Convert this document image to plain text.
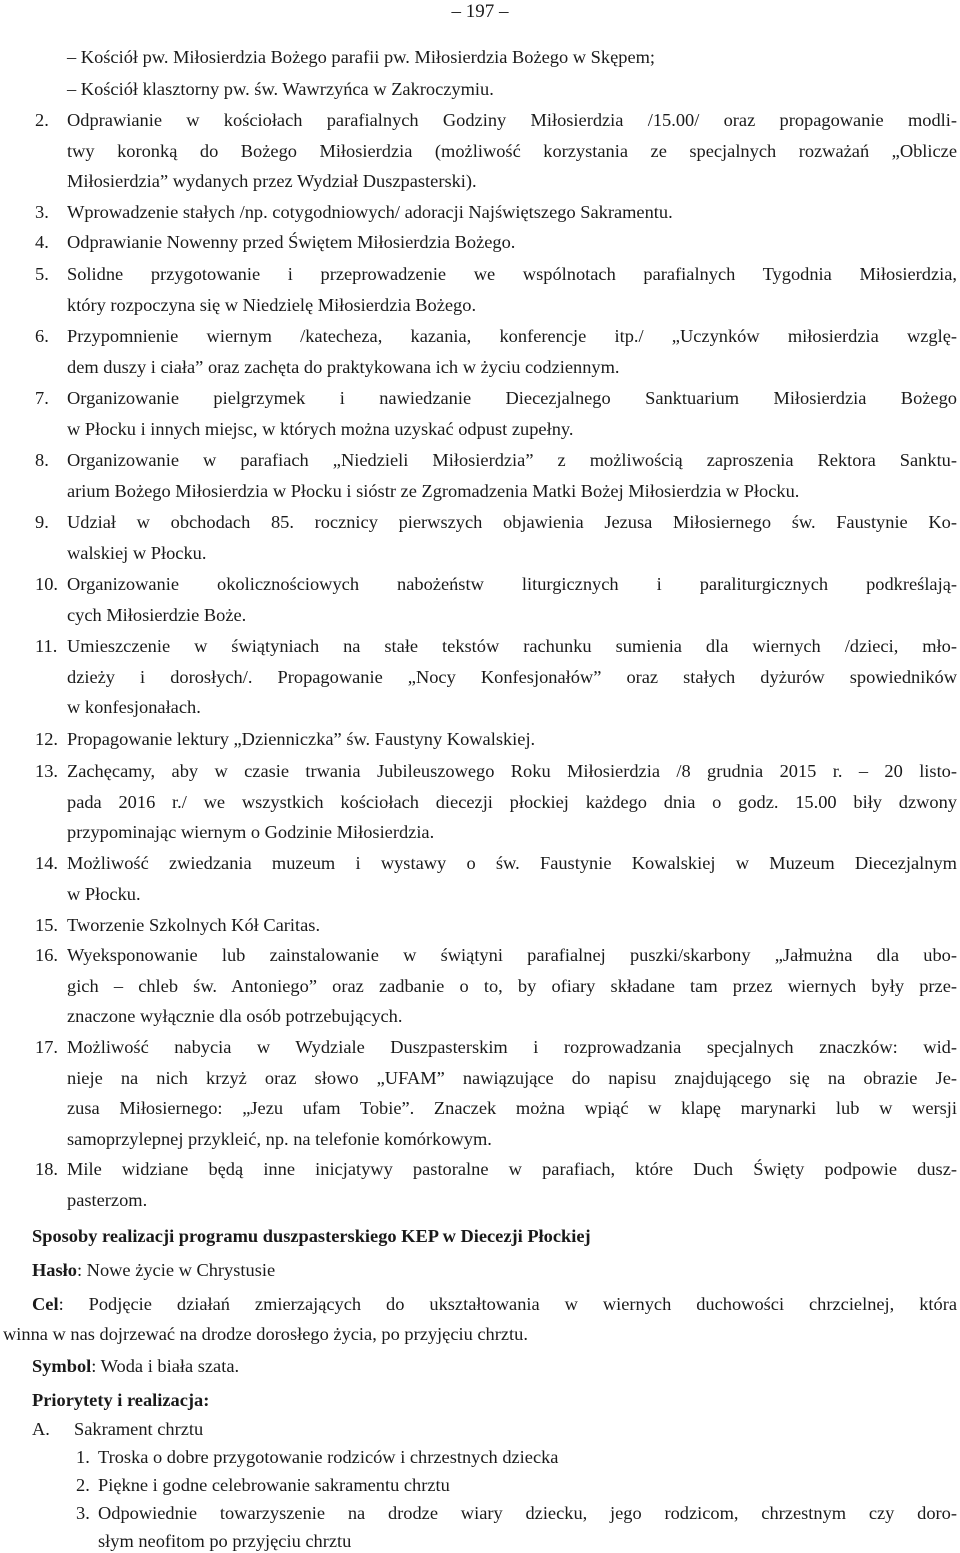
– 197 –
– Kościół pw. Miłosierdzia Bożego parafii pw. Miłosierdzia Bożego w Skępem;
– Kościół klasztorny pw. św. Wawrzyńca w Zakroczymiu.
2. Odprawianie w kościołach parafialnych Godziny Miłosierdzia /15.00/ oraz propagowanie modli-
twy koronką do Bożego Miłosierdzia (możliwość korzystania ze specjalnych rozważań „Oblicze
Miłosierdzia” wydanych przez Wydział Duszpasterski).
3. Wprowadzenie stałych /np. cotygodniowych/ adoracji Najświętszego Sakramentu.
4. Odprawianie Nowenny przed Świętem Miłosierdzia Bożego.
5. Solidne przygotowanie i przeprowadzenie we wspólnotach parafialnych Tygodnia Miłosierdzia,
który rozpoczyna się w Niedzielę Miłosierdzia Bożego.
6. Przypomnienie wiernym /katecheza, kazania, konferencje itp./ „Uczynków miłosierdzia wzglę-
dem duszy i ciała” oraz zachęta do praktykowana ich w życiu codziennym.
7. Organizowanie pielgrzymek i nawiedzanie Diecezjalnego Sanktuarium Miłosierdzia Bożego
w Płocku i innych miejsc, w których można uzyskać odpust zupełny.
8. Organizowanie w parafiach „Niedzieli Miłosierdzia” z możliwością zaproszenia Rektora Sanktu-
arium Bożego Miłosierdzia w Płocku i sióstr ze Zgromadzenia Matki Bożej Miłosierdzia w Płocku.
9. Udział w obchodach 85. rocznicy pierwszych objawienia Jezusa Miłosiernego św. Faustynie Ko-
walskiej w Płocku.
10. Organizowanie okolicznościowych nabożeństw liturgicznych i paraliturgicznych podkreślają-
cych Miłosierdzie Boże.
11. Umieszczenie w świątyniach na stałe tekstów rachunku sumienia dla wiernych /dzieci, mło-
dzieży i dorosłych/. Propagowanie „Nocy Konfesjonałów” oraz stałych dyżurów spowiedników
w konfesjonałach.
12. Propagowanie lektury „Dzienniczka” św. Faustyny Kowalskiej.
13. Zachęcamy, aby w czasie trwania Jubileuszowego Roku Miłosierdzia /8 grudnia 2015 r. – 20 listo-
pada 2016 r./ we wszystkich kościołach diecezji płockiej każdego dnia o godz. 15.00 biły dzwony
przypominając wiernym o Godzinie Miłosierdzia.
14. Możliwość zwiedzania muzeum i wystawy o św. Faustynie Kowalskiej w Muzeum Diecezjalnym
w Płocku.
15. Tworzenie Szkolnych Kół Caritas.
16. Wyeksponowanie lub zainstalowanie w świątyni parafialnej puszki/skarbony „Jałmużna dla ubo-
gich – chleb św. Antoniego” oraz zadbanie o to, by ofiary składane tam przez wiernych były prze-
znaczone wyłącznie dla osób potrzebujących.
17. Możliwość nabycia w Wydziale Duszpasterskim i rozprowadzania specjalnych znaczków: wid-
nieje na nich krzyż oraz słowo „UFAM” nawiązujące do napisu znajdującego się na obrazie Je-
zusa Miłosiernego: „Jezu ufam Tobie”. Znaczek można wpiąć w klapę marynarki lub w wersji
samoprzylepnej przykleić, np. na telefonie komórkowym.
18. Mile widziane będą inne inicjatywy pastoralne w parafiach, które Duch Święty podpowie dusz-
pasterzom.
Sposoby realizacji programu duszpasterskiego KEP w Diecezji Płockiej
Hasło: Nowe życie w Chrystusie
Cel: Podjęcie działań zmierzających do ukształtowania w wiernych duchowości chrzcielnej, która
winna w nas dojrzewać na drodze dorosłego życia, po przyjęciu chrztu.
Symbol: Woda i biała szata.
Priorytety i realizacja:
A. Sakrament chrztu
1. Troska o dobre przygotowanie rodziców i chrzestnych dziecka
2. Piękne i godne celebrowanie sakramentu chrztu
3. Odpowiednie towarzyszenie na drodze wiary dziecku, jego rodzicom, chrzestnym czy doro-
słym neofitom po przyjęciu chrztu
